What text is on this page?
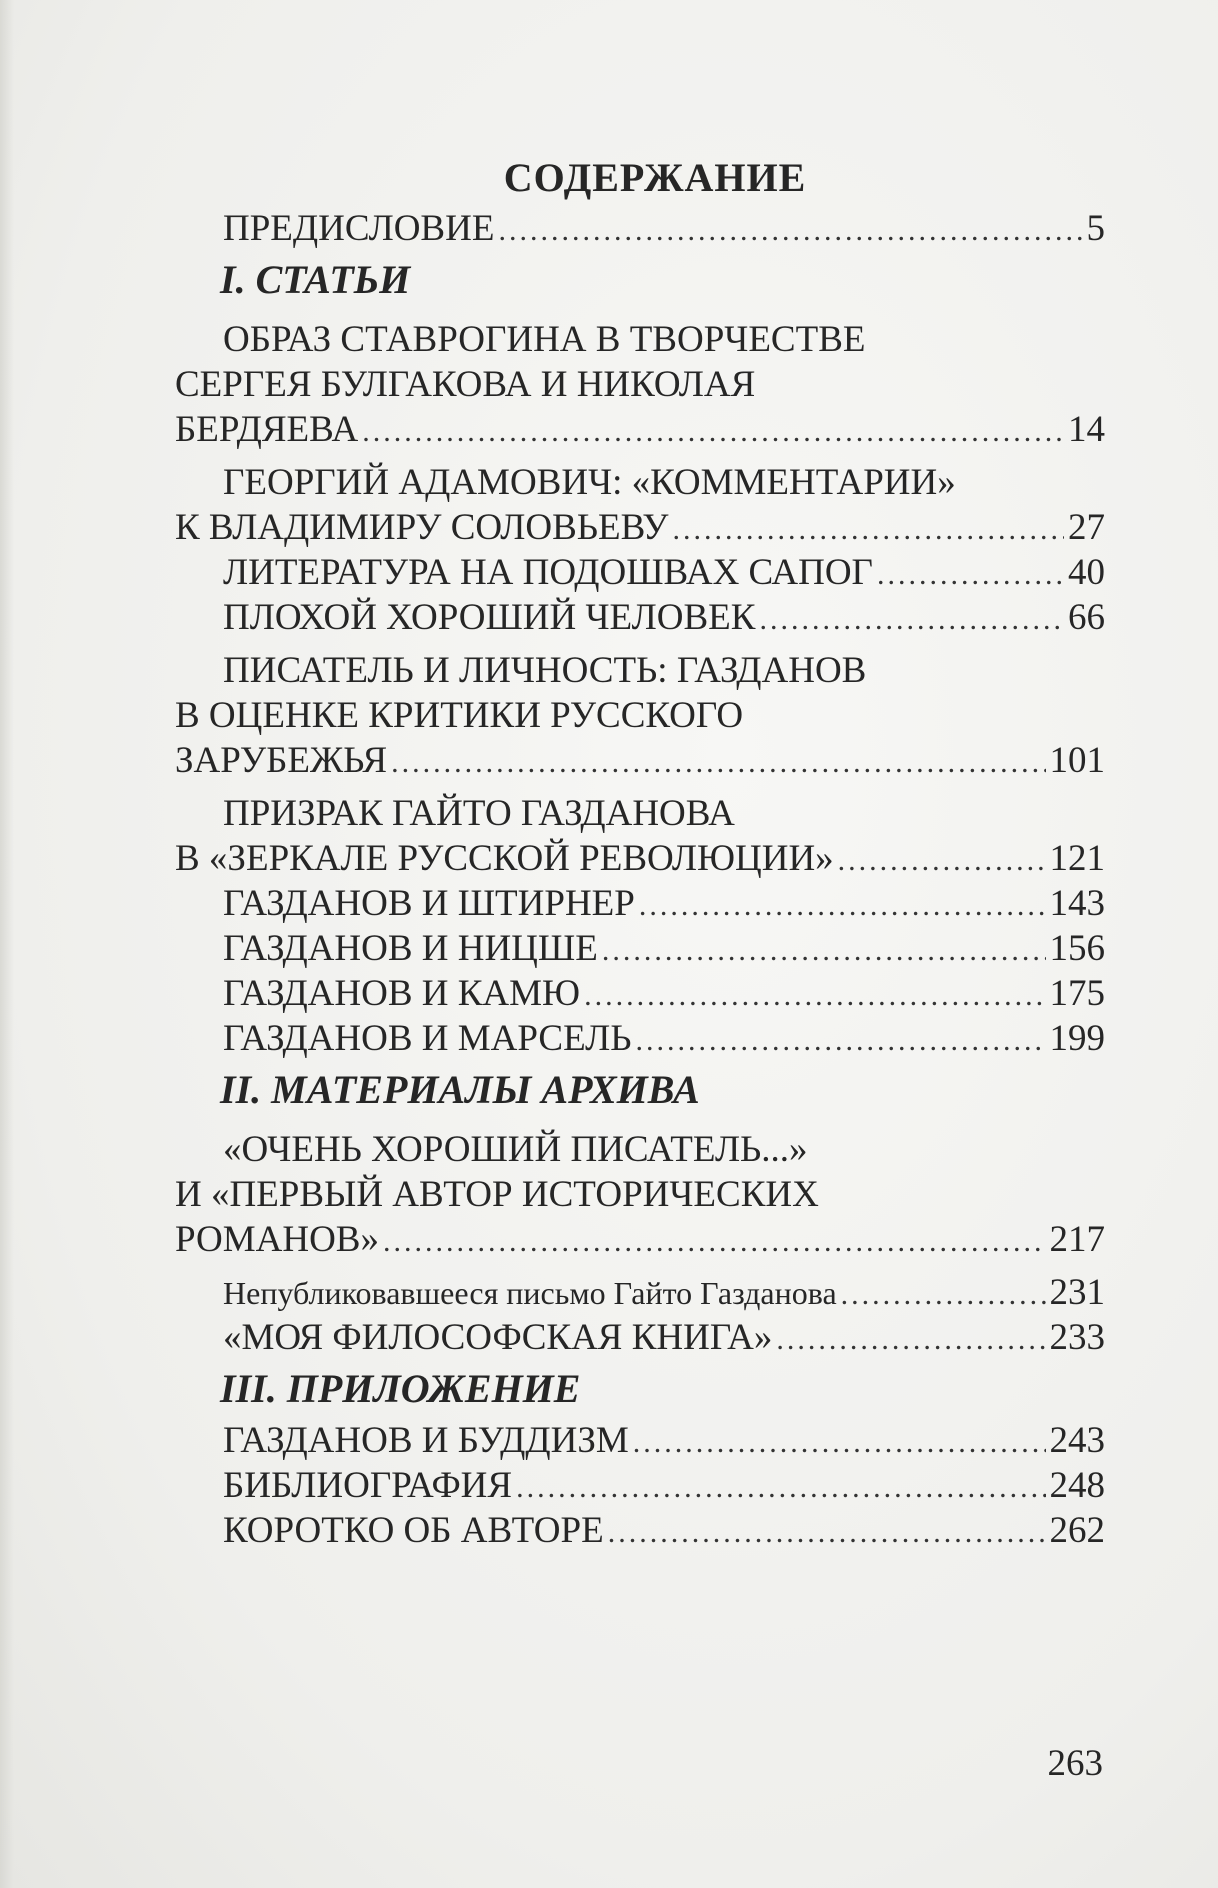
СОДЕРЖАНИЕ
ПРЕДИСЛОВИЕ .....	5
I. СТАТЬИ
ОБРАЗ СТАВРОГИНА В ТВОРЧЕСТВЕ
СЕРГЕЯ БУЛГАКОВА И НИКОЛАЯ
БЕРДЯЕВА .....	14
ГЕОРГИЙ АДАМОВИЧ: «КОММЕНТАРИИ»
К ВЛАДИМИРУ СОЛОВЬЕВУ .....	27
ЛИТЕРАТУРА НА ПОДОШВАХ САПОГ .....	40
ПЛОХОЙ ХОРОШИЙ ЧЕЛОВЕК .....	66
ПИСАТЕЛЬ И ЛИЧНОСТЬ: ГАЗДАНОВ
В ОЦЕНКЕ КРИТИКИ РУССКОГО
ЗАРУБЕЖЬЯ .....	101
ПРИЗРАК ГАЙТО ГАЗДАНОВА
В «ЗЕРКАЛЕ РУССКОЙ РЕВОЛЮЦИИ» .....	121
ГАЗДАНОВ И ШТИРНЕР .....	143
ГАЗДАНОВ И НИЦШЕ .....	156
ГАЗДАНОВ И КАМЮ .....	175
ГАЗДАНОВ И МАРСЕЛЬ .....	199
II. МАТЕРИАЛЫ АРХИВА
«ОЧЕНЬ ХОРОШИЙ ПИСАТЕЛЬ...»
И «ПЕРВЫЙ АВТОР ИСТОРИЧЕСКИХ
РОМАНОВ» .....	217
Непубликовавшееся письмо Гайто Газданова .....	231
«МОЯ ФИЛОСОФСКАЯ КНИГА» .....	233
III. ПРИЛОЖЕНИЕ
ГАЗДАНОВ И БУДДИЗМ .....	243
БИБЛИОГРАФИЯ .....	248
КОРОТКО ОБ АВТОРЕ .....	262
263
